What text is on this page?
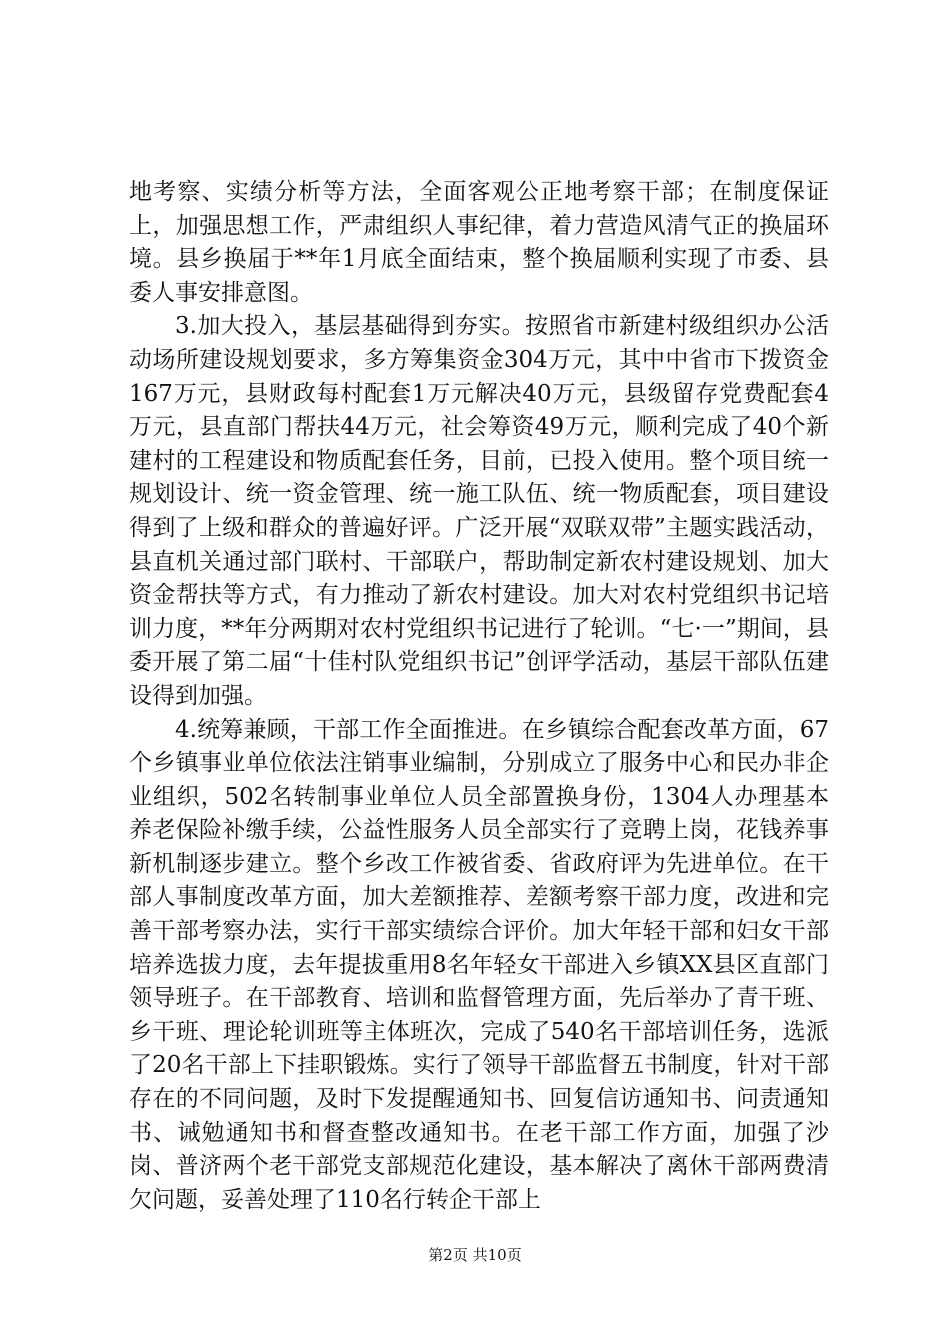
地考察、实绩分析等方法，全面客观公正地考察干部；在制度保证上，加强思想工作，严肃组织人事纪律，着力营造风清气正的换届环境。县乡换届于**年1月底全面结束，整个换届顺利实现了市委、县委人事安排意图。

3.加大投入，基层基础得到夯实。按照省市新建村级组织办公活动场所建设规划要求，多方筹集资金304万元，其中中省市下拨资金167万元，县财政每村配套1万元解决40万元，县级留存党费配套4万元，县直部门帮扶44万元，社会筹资49万元，顺利完成了40个新建村的工程建设和物质配套任务，目前，已投入使用。整个项目统一规划设计、统一资金管理、统一施工队伍、统一物质配套，项目建设得到了上级和群众的普遍好评。广泛开展“双联双带”主题实践活动，县直机关通过部门联村、干部联户，帮助制定新农村建设规划、加大资金帮扶等方式，有力推动了新农村建设。加大对农村党组织书记培训力度，**年分两期对农村党组织书记进行了轮训。“七·一”期间，县委开展了第二届“十佳村队党组织书记”创评学活动，基层干部队伍建设得到加强。

4.统筹兼顾，干部工作全面推进。在乡镇综合配套改革方面，67个乡镇事业单位依法注销事业编制，分别成立了服务中心和民办非企业组织，502名转制事业单位人员全部置换身份，1304人办理基本养老保险补缴手续，公益性服务人员全部实行了竞聘上岗，花钱养事新机制逐步建立。整个乡改工作被省委、省政府评为先进单位。在干部人事制度改革方面，加大差额推荐、差额考察干部力度，改进和完善干部考察办法，实行干部实绩综合评价。加大年轻干部和妇女干部培养选拔力度，去年提拔重用8名年轻女干部进入乡镇XX县区直部门领导班子。在干部教育、培训和监督管理方面，先后举办了青干班、乡干班、理论轮训班等主体班次，完成了540名干部培训任务，选派了20名干部上下挂职锻炼。实行了领导干部监督五书制度，针对干部存在的不同问题，及时下发提醒通知书、回复信访通知书、问责通知书、诫勉通知书和督查整改通知书。在老干部工作方面，加强了沙岗、普济两个老干部党支部规范化建设，基本解决了离休干部两费清欠问题，妥善处理了110名行转企干部上

第2页 共10页
